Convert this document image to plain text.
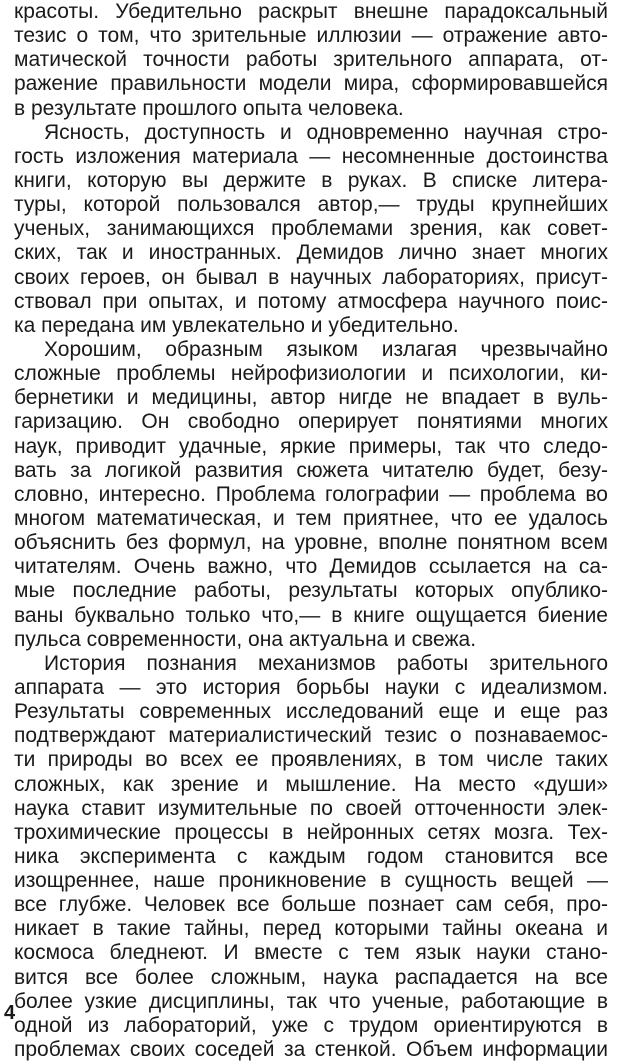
красоты. Убедительно раскрыт внешне парадоксальный
тезис о том, что зрительные иллюзии — отражение авто-
матической точности работы зрительного аппарата, от-
ражение правильности модели мира, сформировавшейся
в результате прошлого опыта человека.
Ясность, доступность и одновременно научная стро-
гость изложения материала — несомненные достоинства
книги, которую вы держите в руках. В списке литера-
туры, которой пользовался автор,— труды крупнейших
ученых, занимающихся проблемами зрения, как совет-
ских, так и иностранных. Демидов лично знает многих
своих героев, он бывал в научных лабораториях, присут-
ствовал при опытах, и потому атмосфера научного поис-
ка передана им увлекательно и убедительно.
Хорошим, образным языком излагая чрезвычайно
сложные проблемы нейрофизиологии и психологии, ки-
бернетики и медицины, автор нигде не впадает в вуль-
гаризацию. Он свободно оперирует понятиями многих
наук, приводит удачные, яркие примеры, так что следо-
вать за логикой развития сюжета читателю будет, безу-
словно, интересно. Проблема голографии — проблема во
многом математическая, и тем приятнее, что ее удалось
объяснить без формул, на уровне, вполне понятном всем
читателям. Очень важно, что Демидов ссылается на са-
мые последние работы, результаты которых опублико-
ваны буквально только что,— в книге ощущается биение
пульса современности, она актуальна и свежа.
История познания механизмов работы зрительного
аппарата — это история борьбы науки с идеализмом.
Результаты современных исследований еще и еще раз
подтверждают материалистический тезис о познаваемос-
ти природы во всех ее проявлениях, в том числе таких
сложных, как зрение и мышление. На место «души»
наука ставит изумительные по своей отточенности элек-
трохимические процессы в нейронных сетях мозга. Тех-
ника эксперимента с каждым годом становится все
изощреннее, наше проникновение в сущность вещей —
все глубже. Человек все больше познает сам себя, про-
никает в такие тайны, перед которыми тайны океана и
космоса бледнеют. И вместе с тем язык науки стано-
вится все более сложным, наука распадается на все
более узкие дисциплины, так что ученые, работающие в
одной из лабораторий, уже с трудом ориентируются в
проблемах своих соседей за стенкой. Объем информации
4
